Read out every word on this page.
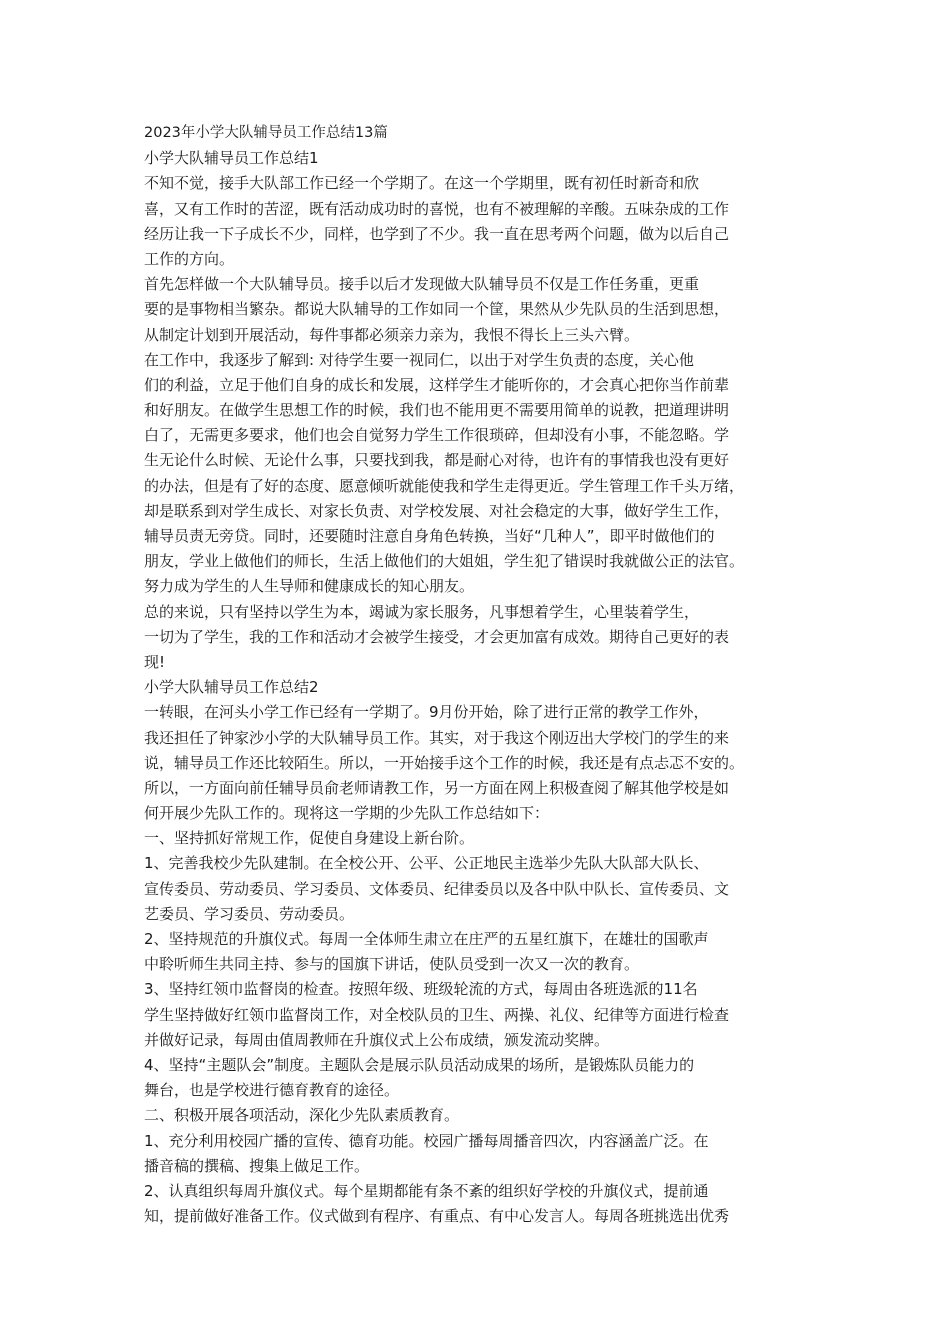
2023年小学大队辅导员工作总结13篇
小学大队辅导员工作总结1
不知不觉，接手大队部工作已经一个学期了。在这一个学期里，既有初任时新奇和欣
喜，又有工作时的苦涩，既有活动成功时的喜悦，也有不被理解的辛酸。五味杂成的工作
经历让我一下子成长不少，同样，也学到了不少。我一直在思考两个问题，做为以后自己
工作的方向。
首先怎样做一个大队辅导员。接手以后才发现做大队辅导员不仅是工作任务重，更重
要的是事物相当繁杂。都说大队辅导的工作如同一个筐，果然从少先队员的生活到思想，
从制定计划到开展活动，每件事都必须亲力亲为，我恨不得长上三头六臂。
在工作中，我逐步了解到: 对待学生要一视同仁，以出于对学生负责的态度，关心他
们的利益，立足于他们自身的成长和发展，这样学生才能听你的，才会真心把你当作前辈
和好朋友。在做学生思想工作的时候，我们也不能用更不需要用简单的说教，把道理讲明
白了，无需更多要求，他们也会自觉努力学生工作很琐碎，但却没有小事，不能忽略。学
生无论什么时候、无论什么事，只要找到我，都是耐心对待，也许有的事情我也没有更好
的办法，但是有了好的态度、愿意倾听就能使我和学生走得更近。学生管理工作千头万绪，
却是联系到对学生成长、对家长负责、对学校发展、对社会稳定的大事，做好学生工作，
辅导员责无旁贷。同时，还要随时注意自身角色转换，当好“几种人”，即平时做他们的
朋友，学业上做他们的师长，生活上做他们的大姐姐，学生犯了错误时我就做公正的法官。
努力成为学生的人生导师和健康成长的知心朋友。
总的来说，只有坚持以学生为本，竭诚为家长服务，凡事想着学生，心里装着学生，
一切为了学生，我的工作和活动才会被学生接受，才会更加富有成效。期待自己更好的表
现!
小学大队辅导员工作总结2
一转眼，在河头小学工作已经有一学期了。9月份开始，除了进行正常的教学工作外，
我还担任了钟家沙小学的大队辅导员工作。其实，对于我这个刚迈出大学校门的学生的来
说，辅导员工作还比较陌生。所以，一开始接手这个工作的时候，我还是有点忐忑不安的。
所以，一方面向前任辅导员俞老师请教工作，另一方面在网上积极查阅了解其他学校是如
何开展少先队工作的。现将这一学期的少先队工作总结如下：
一、坚持抓好常规工作，促使自身建设上新台阶。
1、完善我校少先队建制。在全校公开、公平、公正地民主选举少先队大队部大队长、
宣传委员、劳动委员、学习委员、文体委员、纪律委员以及各中队中队长、宣传委员、文
艺委员、学习委员、劳动委员。
2、坚持规范的升旗仪式。每周一全体师生肃立在庄严的五星红旗下，在雄壮的国歌声
中聆听师生共同主持、参与的国旗下讲话，使队员受到一次又一次的教育。
3、坚持红领巾监督岗的检查。按照年级、班级轮流的方式，每周由各班选派的11名
学生坚持做好红领巾监督岗工作，对全校队员的卫生、两操、礼仪、纪律等方面进行检查
并做好记录，每周由值周教师在升旗仪式上公布成绩，颁发流动奖牌。
4、坚持“主题队会”制度。主题队会是展示队员活动成果的场所，是锻炼队员能力的
舞台，也是学校进行德育教育的途径。
二、积极开展各项活动，深化少先队素质教育。
1、充分利用校园广播的宣传、德育功能。校园广播每周播音四次，内容涵盖广泛。在
播音稿的撰稿、搜集上做足工作。
2、认真组织每周升旗仪式。每个星期都能有条不紊的组织好学校的升旗仪式，提前通
知，提前做好准备工作。仪式做到有程序、有重点、有中心发言人。每周各班挑选出优秀
